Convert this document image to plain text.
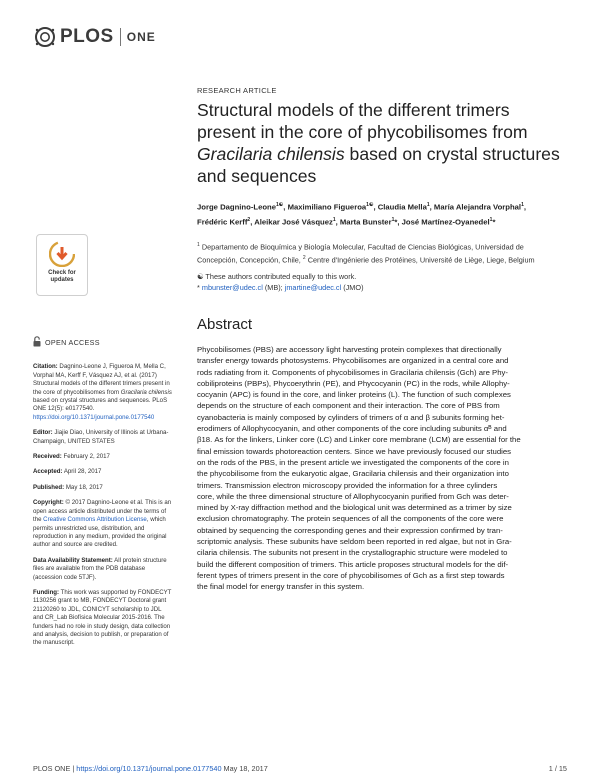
PLOS ONE
Check for
updates
RESEARCH ARTICLE
Structural models of the different trimers present in the core of phycobilisomes from Gracilaria chilensis based on crystal structures and sequences
Jorge Dagnino-Leone$^{1☯}$, Maximiliano Figueroa$^{1☯}$, Claudia Mella$^1$, María Alejandra Vorphal$^1$, Frédéric Kerff$^2$, Aleikar José Vásquez$^1$, Marta Bunster$^1$*, José Martínez-Oyanedel$^1$*
$^1$ Departamento de Bioquímica y Biología Molecular, Facultad de Ciencias Biológicas, Universidad de Concepción, Concepción, Chile, $^2$ Centre d'Ingénierie des Protéines, Université de Liège, Liege, Belgium
☯ These authors contributed equally to this work.
* mbunster@udec.cl (MB); jmartine@udec.cl (JMO)
Abstract
Phycobilisomes (PBS) are accessory light harvesting protein complexes that directionally
transfer energy towards photosystems. Phycobilisomes are organized in a central core and
rods radiating from it. Components of phycobilisomes in Gracilaria chilensis (Gch) are Phy-
cobiliproteins (PBPs), Phycoerythrin (PE), and Phycocyanin (PC) in the rods, while Allophy-
cocyanin (APC) is found in the core, and linker proteins (L). The function of such complexes
depends on the structure of each component and their interaction. The core of PBS from
cyanobacteria is mainly composed by cylinders of trimers of α and β subunits forming het-
erodimers of Allophycocyanin, and other components of the core including subunits αᴮ and
β18. As for the linkers, Linker core (LC) and Linker core membrane (LCM) are essential for the
final emission towards photoreaction centers. Since we have previously focused our studies
on the rods of the PBS, in the present article we investigated the components of the core in
the phycobilisome from the eukaryotic algae, Gracilaria chilensis and their organization into
trimers. Transmission electron microscopy provided the information for a three cylinders
core, while the three dimensional structure of Allophycocyanin purified from Gch was deter-
mined by X-ray diffraction method and the biological unit was determined as a trimer by size
exclusion chromatography. The protein sequences of all the components of the core were
obtained by sequencing the corresponding genes and their expression confirmed by tran-
scriptomic analysis. These subunits have seldom been reported in red algae, but not in Gra-
cilaria chilensis. The subunits not present in the crystallographic structure were modeled to
build the different composition of trimers. This article proposes structural models for the dif-
ferent types of trimers present in the core of phycobilisomes of Gch as a first step towards
the final model for energy transfer in this system.

OPEN ACCESS

Citation: Dagnino-Leone J, Figueroa M, Mella C, Vorphal MA, Kerff F, Vásquez AJ, et al. (2017) Structural models of the different trimers present in the core of phycobilisomes from Gracilaria chilensis based on crystal structures and sequences. PLoS ONE 12(5): e0177540. https://doi.org/10.1371/journal.pone.0177540

Editor: Jiajie Diao, University of Illinois at Urbana-Champaign, UNITED STATES

Received: February 2, 2017

Accepted: April 28, 2017

Published: May 18, 2017

Copyright: © 2017 Dagnino-Leone et al. This is an open access article distributed under the terms of the Creative Commons Attribution License, which permits unrestricted use, distribution, and reproduction in any medium, provided the original author and source are credited.

Data Availability Statement: All protein structure files are available from the PDB database (accession code 5TJF).

Funding: This work was supported by FONDECYT 1130256 grant to MB, FONDECYT Doctoral grant 21120260 to JDL, CONICYT scholarship to JDL and CR_Lab Biofísica Molecular 2015-2016. The funders had no role in study design, data collection and analysis, decision to publish, or preparation of the manuscript.

PLOS ONE | https://doi.org/10.1371/journal.pone.0177540 May 18, 2017	1 / 15
